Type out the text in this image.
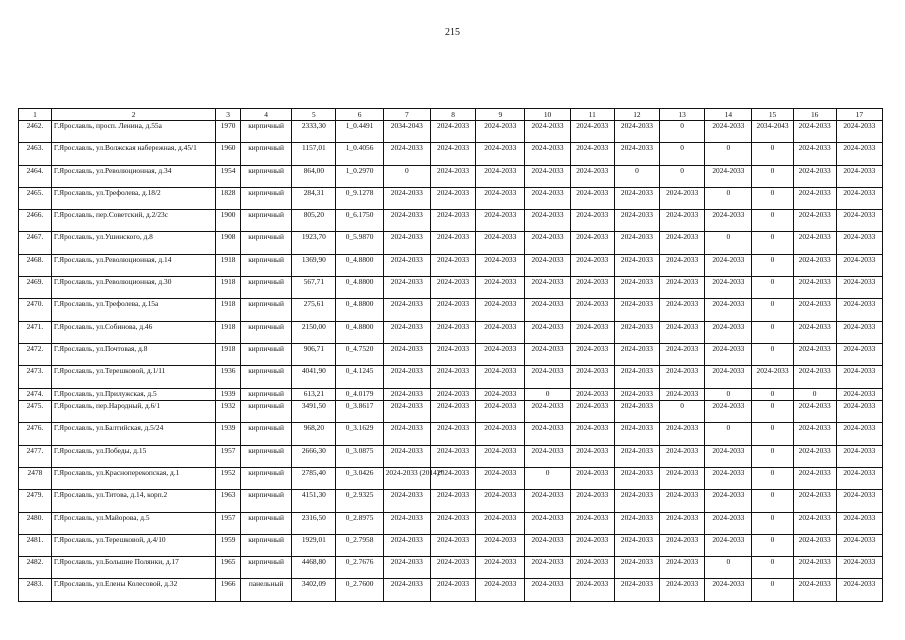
215
1	2	3	4	5	6	7	8	9	10	11	12	13	14	15	16	17
2462.	Г.Ярославль, просп. Ленина, д.55а	1970	кирпичный	2333,30	1_0.4491	2034-2043	2024-2033	2024-2033	2024-2033	2024-2033	2024-2033	0	2024-2033	2034-2043	2024-2033	2024-2033
2463.	Г.Ярославль, ул.Волжская набережная, д.45/1	1960	кирпичный	1157,01	1_0.4056	2024-2033	2024-2033	2024-2033	2024-2033	2024-2033	2024-2033	0	0	0	2024-2033	2024-2033
2464.	Г.Ярославль, ул.Революционная, д.34	1954	кирпичный	864,00	1_0.2970	0	2024-2033	2024-2033	2024-2033	2024-2033	0	0	2024-2033	0	2024-2033	2024-2033
2465.	Г.Ярославль, ул.Трефолева, д.18/2	1828	кирпичный	284,31	0_9.1278	2024-2033	2024-2033	2024-2033	2024-2033	2024-2033	2024-2033	2024-2033	0	0	2024-2033	2024-2033
2466.	Г.Ярославль, пер.Советский, д.2/23с	1900	кирпичный	805,20	0_6.1750	2024-2033	2024-2033	2024-2033	2024-2033	2024-2033	2024-2033	2024-2033	2024-2033	0	2024-2033	2024-2033
2467.	Г.Ярославль, ул.Ушинского, д.8	1908	кирпичный	1923,70	0_5.9870	2024-2033	2024-2033	2024-2033	2024-2033	2024-2033	2024-2033	2024-2033	0	0	2024-2033	2024-2033
2468.	Г.Ярославль, ул.Революционная, д.14	1918	кирпичный	1369,90	0_4.8800	2024-2033	2024-2033	2024-2033	2024-2033	2024-2033	2024-2033	2024-2033	2024-2033	0	2024-2033	2024-2033
2469.	Г.Ярославль, ул.Революционная, д.30	1918	кирпичный	567,71	0_4.8800	2024-2033	2024-2033	2024-2033	2024-2033	2024-2033	2024-2033	2024-2033	2024-2033	0	2024-2033	2024-2033
2470.	Г.Ярославль, ул.Трефолева, д.15а	1918	кирпичный	275,61	0_4.8800	2024-2033	2024-2033	2024-2033	2024-2033	2024-2033	2024-2033	2024-2033	2024-2033	0	2024-2033	2024-2033
2471.	Г.Ярославль, ул.Собинова, д.46	1918	кирпичный	2150,00	0_4.8800	2024-2033	2024-2033	2024-2033	2024-2033	2024-2033	2024-2033	2024-2033	2024-2033	0	2024-2033	2024-2033
2472.	Г.Ярославль, ул.Почтовая, д.8	1918	кирпичный	906,71	0_4.7520	2024-2033	2024-2033	2024-2033	2024-2033	2024-2033	2024-2033	2024-2033	2024-2033	0	2024-2033	2024-2033
2473.	Г.Ярославль, ул.Терешковой, д.1/11	1936	кирпичный	4041,90	0_4.1245	2024-2033	2024-2033	2024-2033	2024-2033	2024-2033	2024-2033	2024-2033	2024-2033	2024-2033	2024-2033	2024-2033
2474.	Г.Ярославль, ул.Прилужская, д.5	1939	кирпичный	613,21	0_4.0179	2024-2033	2024-2033	2024-2033	0	2024-2033	2024-2033	2024-2033	0	0	0	2024-2033
2475.	Г.Ярославль, пер.Народный, д.6/1	1932	кирпичный	3491,50	0_3.8617	2024-2033	2024-2033	2024-2033	2024-2033	2024-2033	2024-2033	0	2024-2033	0	2024-2033	2024-2033
2476.	Г.Ярославль, ул.Балтийская, д.5/24	1939	кирпичный	968,20	0_3.1629	2024-2033	2024-2033	2024-2033	2024-2033	2024-2033	2024-2033	2024-2033	0	0	2024-2033	2024-2033
2477.	Г.Ярославль, ул.Победы, д.15	1957	кирпичный	2666,30	0_3.0875	2024-2033	2024-2033	2024-2033	2024-2033	2024-2033	2024-2033	2024-2033	2024-2033	0	2024-2033	2024-2033
2478	Г.Ярославль, ул.Красноперекопская, д.1	1952	кирпичный	2785,40	0_3.0426	2024-2033 (2014)*	2024-2033	2024-2033	0	2024-2033	2024-2033	2024-2033	2024-2033	0	2024-2033	2024-2033
2479.	Г.Ярославль, ул.Титова, д.14, корп.2	1963	кирпичный	4151,30	0_2.9325	2024-2033	2024-2033	2024-2033	2024-2033	2024-2033	2024-2033	2024-2033	2024-2033	0	2024-2033	2024-2033
2480.	Г.Ярославль, ул.Майорова, д.5	1957	кирпичный	2316,50	0_2.8975	2024-2033	2024-2033	2024-2033	2024-2033	2024-2033	2024-2033	2024-2033	2024-2033	0	2024-2033	2024-2033
2481.	Г.Ярославль, ул.Терешковой, д.4/10	1959	кирпичный	1929,01	0_2.7958	2024-2033	2024-2033	2024-2033	2024-2033	2024-2033	2024-2033	2024-2033	2024-2033	0	2024-2033	2024-2033
2482.	Г.Ярославль, ул.Большие Полянки, д.17	1965	кирпичный	4468,80	0_2.7676	2024-2033	2024-2033	2024-2033	2024-2033	2024-2033	2024-2033	2024-2033	0	0	2024-2033	2024-2033
2483.	Г.Ярославль, ул.Елены Колесовой, д.32	1966	панельный	3402,09	0_2.7600	2024-2033	2024-2033	2024-2033	2024-2033	2024-2033	2024-2033	2024-2033	2024-2033	0	2024-2033	2024-2033
